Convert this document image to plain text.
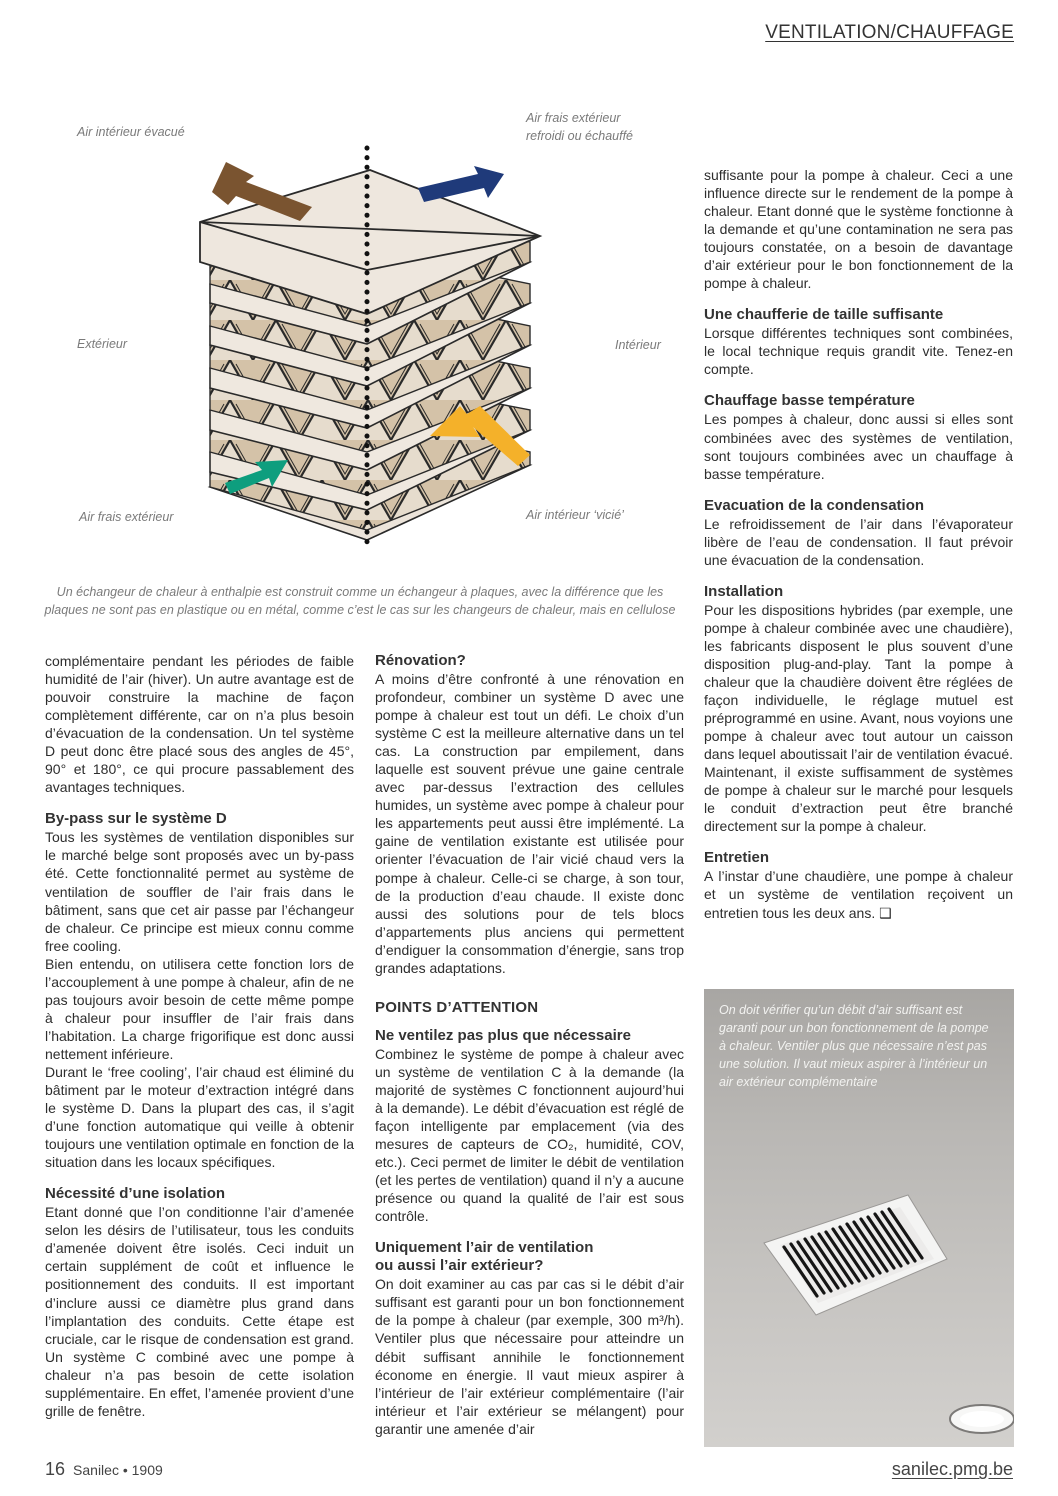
VENTILATION/CHAUFFAGE
Air intérieur évacué
Air frais extérieur
refroidi ou échauffé
Extérieur	Intérieur
Air frais extérieur	Air intérieur ‘vicié’
Un échangeur de chaleur à enthalpie est construit comme un échangeur à plaques, avec la différence que les plaques ne sont pas en plastique ou en métal, comme c’est le cas sur les changeurs de chaleur, mais en cellulose

complémentaire pendant les périodes de faible humidité de l’air (hiver). Un autre avantage est de pouvoir construire la machine de façon complètement différente, car on n’a plus besoin d’évacuation de la condensation. Un tel système D peut donc être placé sous des angles de 45°, 90° et 180°, ce qui procure passablement des avantages techniques.

By-pass sur le système D

Tous les systèmes de ventilation disponibles sur le marché belge sont proposés avec un by-pass été. Cette fonctionnalité permet au système de ventilation de souffler de l’air frais dans le bâtiment, sans que cet air passe par l’échangeur de chaleur. Ce principe est mieux connu comme free cooling.

Bien entendu, on utilisera cette fonction lors de l’accouplement à une pompe à chaleur, afin de ne pas toujours avoir besoin de cette même pompe à chaleur pour insuffler de l’air frais dans l’habitation. La charge frigorifique est donc aussi nettement inférieure.

Durant le ‘free cooling’, l’air chaud est éliminé du bâtiment par le moteur d’extraction intégré dans le système D. Dans la plupart des cas, il s’agit d’une fonction automatique qui veille à obtenir toujours une ventilation optimale en fonction de la situation dans les locaux spécifiques.

Nécessité d’une isolation

Etant donné que l’on conditionne l’air d’amenée selon les désirs de l’utilisateur, tous les conduits d’amenée doivent être isolés. Ceci induit un certain supplément de coût et influence le positionnement des conduits. Il est important d’inclure aussi ce diamètre plus grand dans l’implantation des conduits. Cette étape est cruciale, car le risque de condensation est grand. Un système C combiné avec une pompe à chaleur n’a pas besoin de cette isolation supplémentaire. En effet, l’amenée provient d’une grille de fenêtre.

Rénovation?

A moins d’être confronté à une rénovation en profondeur, combiner un système D avec une pompe à chaleur est tout un défi. Le choix d’un système C est la meilleure alternative dans un tel cas. La construction par empilement, dans laquelle est souvent prévue une gaine centrale avec par-dessus l’extraction des cellules humides, un système avec pompe à chaleur pour les appartements peut aussi être implémenté. La gaine de ventilation existante est utilisée pour orienter l’évacuation de l’air vicié chaud vers la pompe à chaleur. Celle-ci se charge, à son tour, de la production d’eau chaude. Il existe donc aussi des solutions pour de tels blocs d’appartements plus anciens qui permettent d’endiguer la consommation d’énergie, sans trop grandes adaptations.

POINTS D’ATTENTION
Ne ventilez pas plus que nécessaire

Combinez le système de pompe à chaleur avec un système de ventilation C à la demande (la majorité de systèmes C fonctionnent aujourd’hui à la demande). Le débit d’évacuation est réglé de façon intelligente par emplacement (via des mesures de capteurs de CO₂, humidité, COV, etc.). Ceci permet de limiter le débit de ventilation (et les pertes de ventilation) quand il n’y a aucune présence ou quand la qualité de l’air est sous contrôle.

Uniquement l’air de ventilation
ou aussi l’air extérieur?

On doit examiner au cas par cas si le débit d’air suffisant est garanti pour un bon fonctionnement de la pompe à chaleur (par exemple, 300 m³/h). Ventiler plus que nécessaire pour atteindre un débit suffisant annihile le fonctionnement économe en énergie. Il vaut mieux aspirer à l’intérieur de l’air extérieur complémentaire (l’air intérieur et l’air extérieur se mélangent) pour garantir une amenée d’air

suffisante pour la pompe à chaleur. Ceci a une influence directe sur le rendement de la pompe à chaleur. Etant donné que le système fonctionne à la demande et qu’une contamination ne sera pas toujours constatée, on a besoin de davantage d’air extérieur pour le bon fonctionnement de la pompe à chaleur.

Une chaufferie de taille suffisante

Lorsque différentes techniques sont combinées, le local technique requis grandit vite. Tenez-en compte.

Chauffage basse température

Les pompes à chaleur, donc aussi si elles sont combinées avec des systèmes de ventilation, sont toujours combinées avec un chauffage à basse température.

Evacuation de la condensation

Le refroidissement de l’air dans l’évaporateur libère de l’eau de condensation. Il faut prévoir une évacuation de la condensation.

Installation

Pour les dispositions hybrides (par exemple, une pompe à chaleur combinée avec une chaudière), les fabricants disposent le plus souvent d’une disposition plug-and-play. Tant la pompe à chaleur que la chaudière doivent être réglées de façon individuelle, le réglage mutuel est préprogrammé en usine. Avant, nous voyions une pompe à chaleur avec tout autour un caisson dans lequel aboutissait l’air de ventilation évacué. Maintenant, il existe suffisamment de systèmes de pompe à chaleur sur le marché pour lesquels le conduit d’extraction peut être branché directement sur la pompe à chaleur.

Entretien

A l’instar d’une chaudière, une pompe à chaleur et un système de ventilation reçoivent un entretien tous les deux ans. ❑

On doit vérifier qu’un débit d’air suffisant est garanti pour un bon fonctionnement de la pompe à chaleur. Ventiler plus que nécessaire n’est pas une solution. Il vaut mieux aspirer à l’intérieur un air extérieur complémentaire
16 Sanilec • 1909	sanilec.pmg.be
